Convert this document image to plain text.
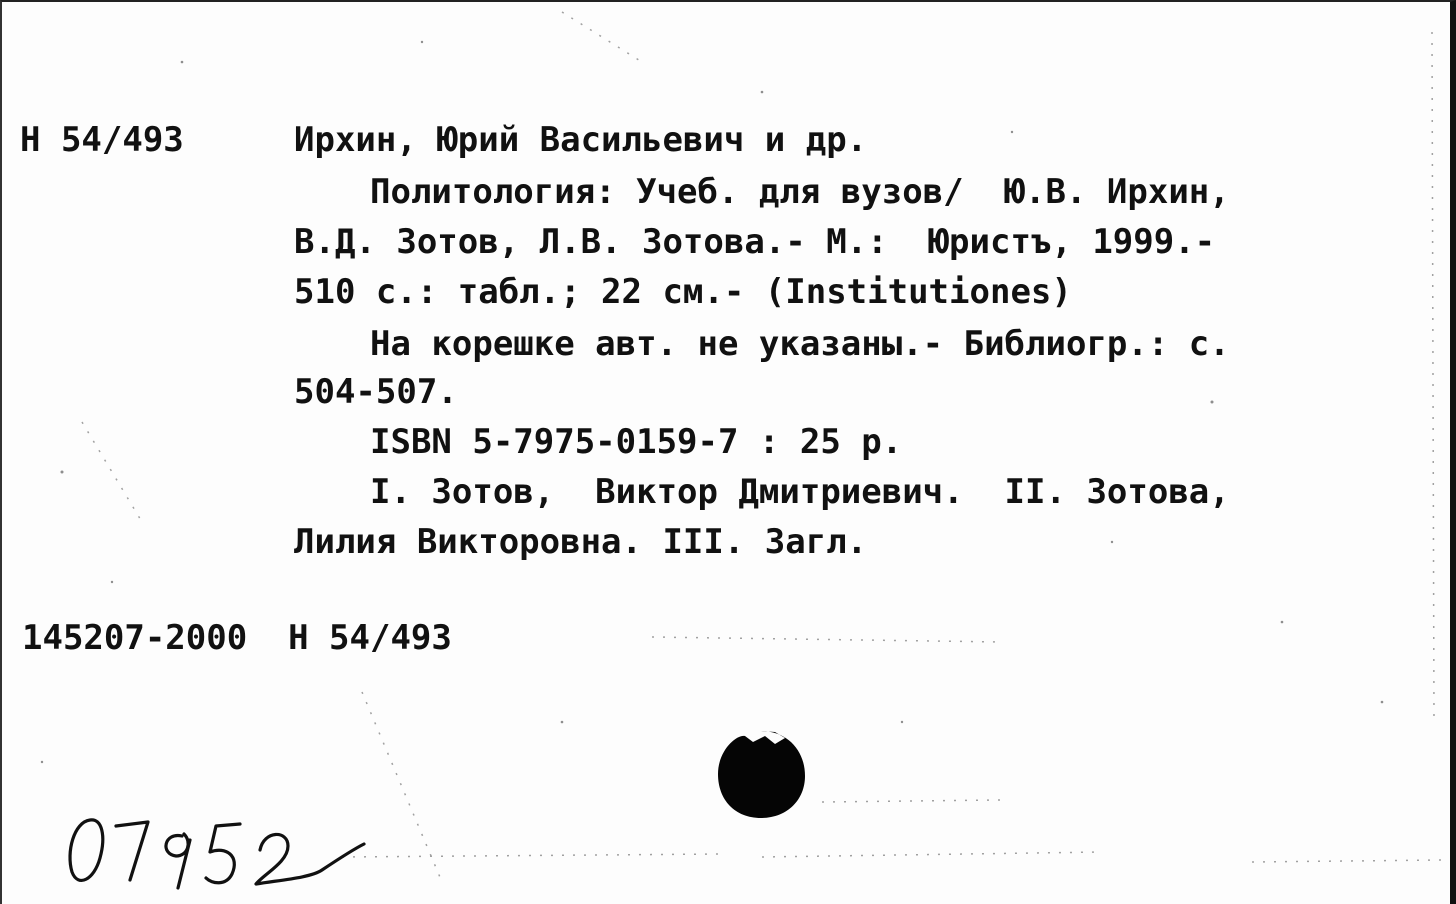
Н 54/493	Ирхин, Юрий Васильевич и др.
Политология: Учеб. для вузов/  Ю.В. Ирхин,
В.Д. Зотов, Л.В. Зотова.- М.:  Юристъ, 1999.-
510 с.: табл.; 22 см.- (Institutiones)
На корешке авт. не указаны.- Библиогр.: с.
504-507.
ISBN 5-7975-0159-7 : 25 р.
I. Зотов,  Виктор Дмитриевич.  II. Зотова,
Лилия Викторовна. III. Загл.
145207-2000  Н 54/493
